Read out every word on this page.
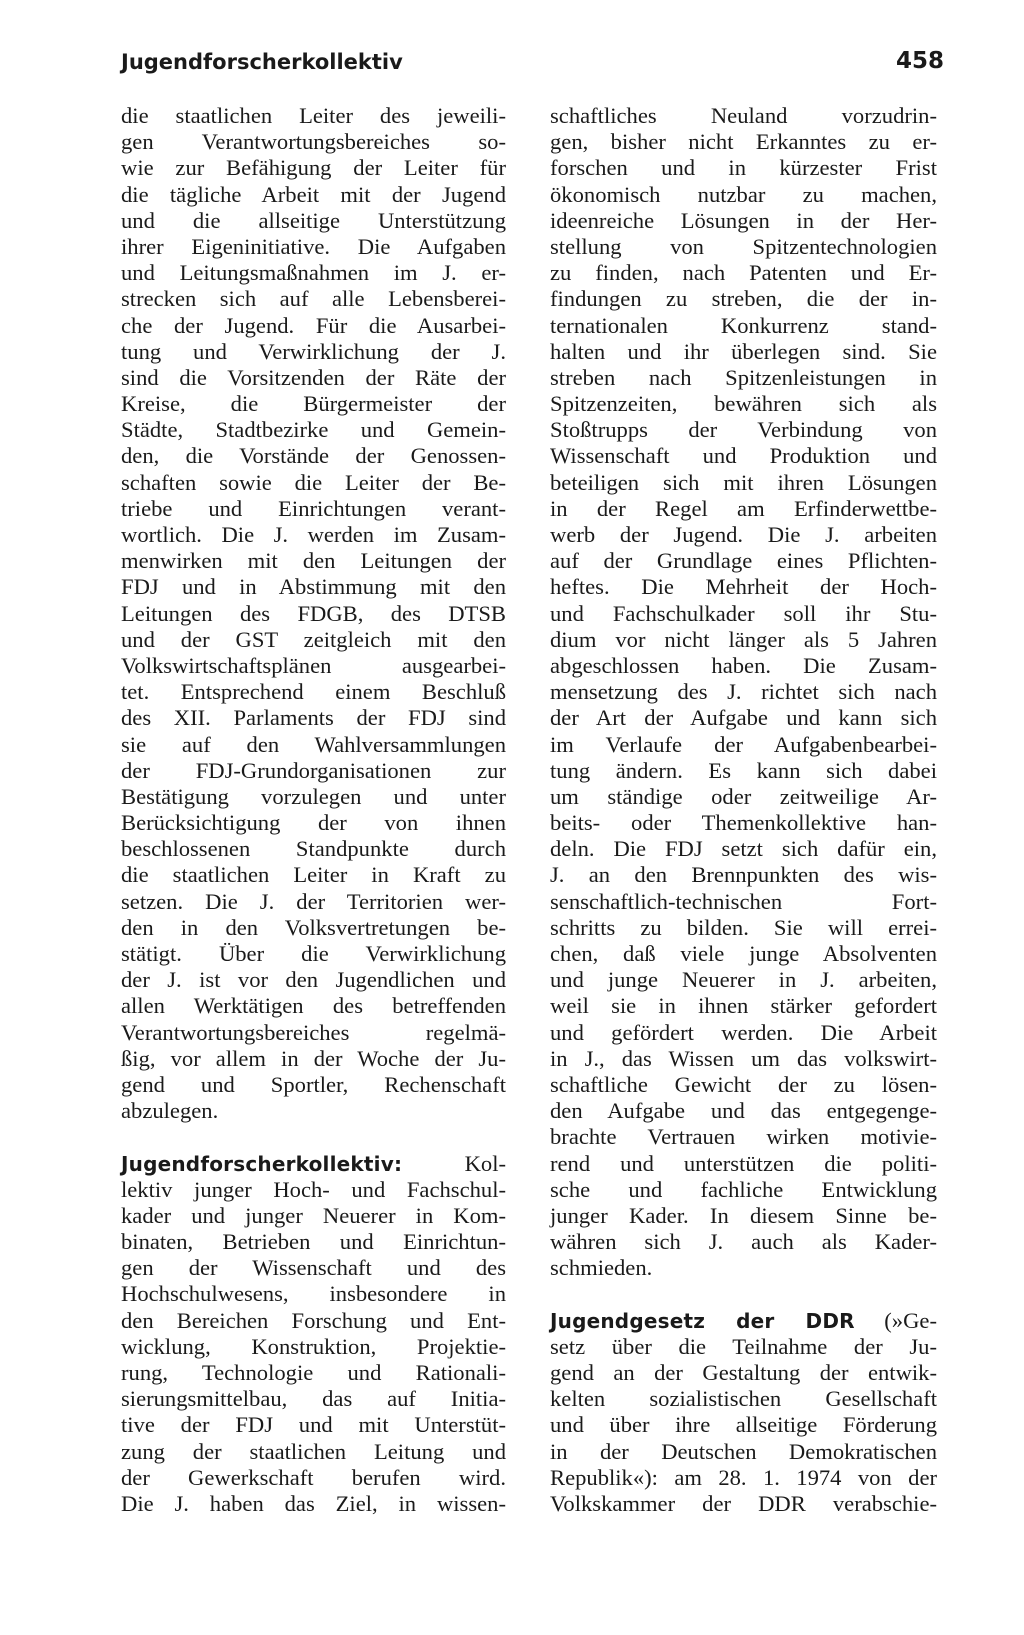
Jugendforscherkollektiv	458
die staatlichen Leiter des jeweili-
gen Verantwortungsbereiches so-
wie zur Befähigung der Leiter für
die tägliche Arbeit mit der Jugend
und die allseitige Unterstützung
ihrer Eigeninitiative. Die Aufgaben
und Leitungsmaßnahmen im J. er-
strecken sich auf alle Lebensberei-
che der Jugend. Für die Ausarbei-
tung und Verwirklichung der J.
sind die Vorsitzenden der Räte der
Kreise, die Bürgermeister der
Städte, Stadtbezirke und Gemein-
den, die Vorstände der Genossen-
schaften sowie die Leiter der Be-
triebe und Einrichtungen verant-
wortlich. Die J. werden im Zusam-
menwirken mit den Leitungen der
FDJ und in Abstimmung mit den
Leitungen des FDGB, des DTSB
und der GST zeitgleich mit den
Volkswirtschaftsplänen ausgearbei-
tet. Entsprechend einem Beschluß
des XII. Parlaments der FDJ sind
sie auf den Wahlversammlungen
der FDJ-Grundorganisationen zur
Bestätigung vorzulegen und unter
Berücksichtigung der von ihnen
beschlossenen Standpunkte durch
die staatlichen Leiter in Kraft zu
setzen. Die J. der Territorien wer-
den in den Volksvertretungen be-
stätigt. Über die Verwirklichung
der J. ist vor den Jugendlichen und
allen Werktätigen des betreffenden
Verantwortungsbereiches regelmä-
ßig, vor allem in der Woche der Ju-
gend und Sportler, Rechenschaft
abzulegen.
Jugendforscherkollektiv:	Kol-
lektiv junger Hoch- und Fachschul-
kader und junger Neuerer in Kom-
binaten, Betrieben und Einrichtun-
gen der Wissenschaft und des
Hochschulwesens, insbesondere in
den Bereichen Forschung und Ent-
wicklung, Konstruktion, Projektie-
rung, Technologie und Rationali-
sierungsmittelbau, das auf Initia-
tive der FDJ und mit Unterstüt-
zung der staatlichen Leitung und
der Gewerkschaft berufen wird.
Die J. haben das Ziel, in wissen-
schaftliches Neuland vorzudrin-
gen, bisher nicht Erkanntes zu er-
forschen und in kürzester Frist
ökonomisch nutzbar zu machen,
ideenreiche Lösungen in der Her-
stellung von Spitzentechnologien
zu finden, nach Patenten und Er-
findungen zu streben, die der in-
ternationalen Konkurrenz stand-
halten und ihr überlegen sind. Sie
streben nach Spitzenleistungen in
Spitzenzeiten, bewähren sich als
Stoßtrupps der Verbindung von
Wissenschaft und Produktion und
beteiligen sich mit ihren Lösungen
in der Regel am Erfinderwettbe-
werb der Jugend. Die J. arbeiten
auf der Grundlage eines Pflichten-
heftes. Die Mehrheit der Hoch-
und Fachschulkader soll ihr Stu-
dium vor nicht länger als 5 Jahren
abgeschlossen haben. Die Zusam-
mensetzung des J. richtet sich nach
der Art der Aufgabe und kann sich
im Verlaufe der Aufgabenbearbei-
tung ändern. Es kann sich dabei
um ständige oder zeitweilige Ar-
beits- oder Themenkollektive han-
deln. Die FDJ setzt sich dafür ein,
J. an den Brennpunkten des wis-
senschaftlich-technischen Fort-
schritts zu bilden. Sie will errei-
chen, daß viele junge Absolventen
und junge Neuerer in J. arbeiten,
weil sie in ihnen stärker gefordert
und gefördert werden. Die Arbeit
in J., das Wissen um das volkswirt-
schaftliche Gewicht der zu lösen-
den Aufgabe und das entgegenge-
brachte Vertrauen wirken motivie-
rend und unterstützen die politi-
sche und fachliche Entwicklung
junger Kader. In diesem Sinne be-
währen sich J. auch als Kader-
schmieden.
Jugendgesetz der DDR (»Ge-
setz über die Teilnahme der Ju-
gend an der Gestaltung der entwik-
kelten sozialistischen Gesellschaft
und über ihre allseitige Förderung
in der Deutschen Demokratischen
Republik«): am 28. 1. 1974 von der
Volkskammer der DDR verabschie-
